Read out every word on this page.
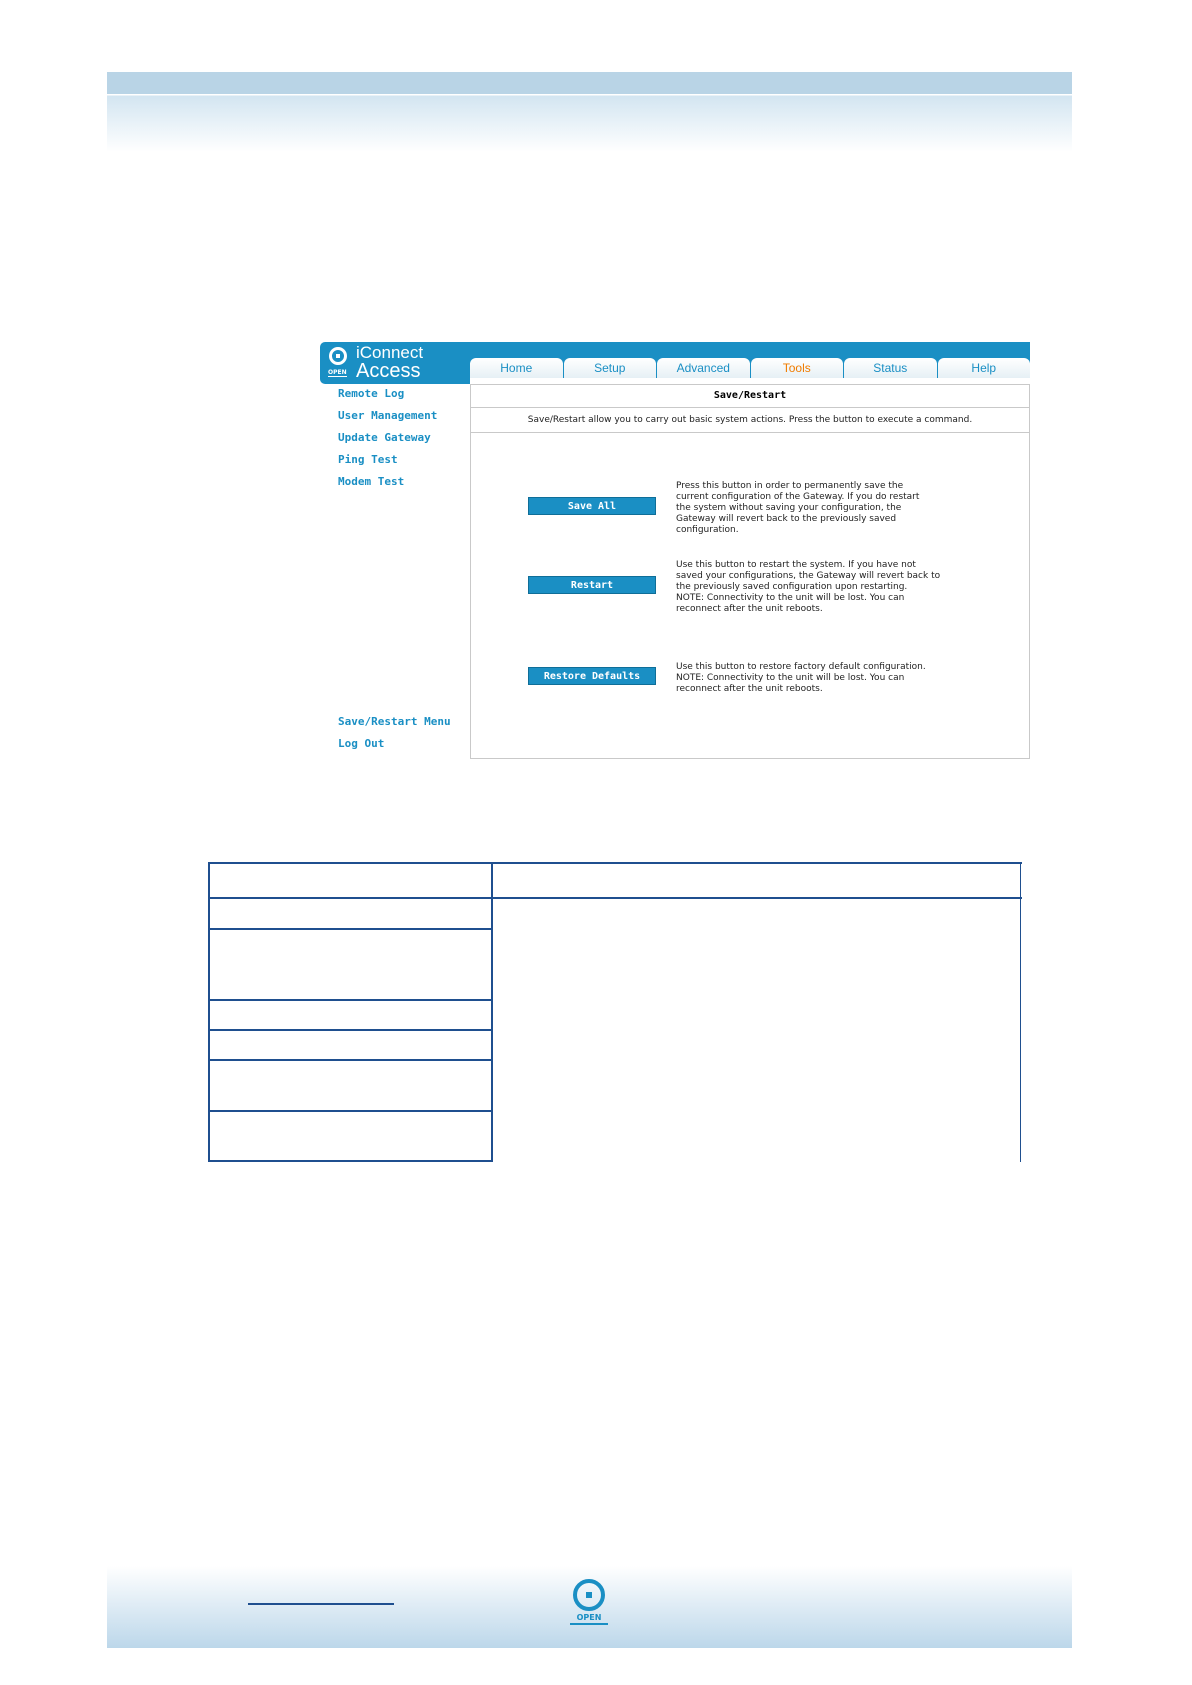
OPEN
iConnect
Access	Home	Setup	Advanced	Tools	Status	Help
Remote Log
User Management
Update Gateway
Ping Test
Modem Test
Save/Restart Menu
Log Out
Save/Restart
Save/Restart allow you to carry out basic system actions. Press the button to execute a command.
Save All
Press this button in order to permanently save the
current configuration of the Gateway. If you do restart
the system without saving your configuration, the
Gateway will revert back to the previously saved
configuration.
Restart
Use this button to restart the system. If you have not
saved your configurations, the Gateway will revert back to
the previously saved configuration upon restarting.
NOTE: Connectivity to the unit will be lost. You can
reconnect after the unit reboots.
Restore Defaults
Use this button to restore factory default configuration.
NOTE: Connectivity to the unit will be lost. You can
reconnect after the unit reboots.
OPEN
